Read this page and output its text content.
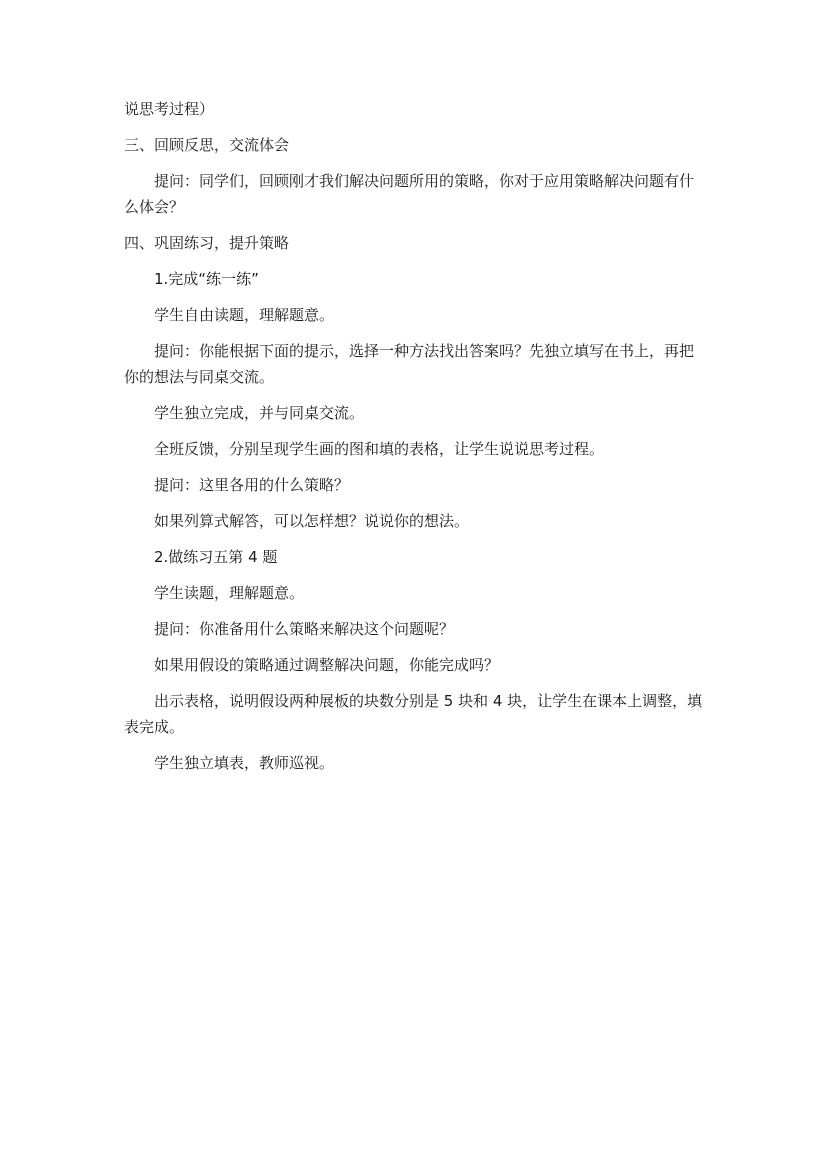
说思考过程）

三、回顾反思，交流体会

提问：同学们，回顾刚才我们解决问题所用的策略，你对于应用策略解决问题有什么体会？

四、巩固练习，提升策略

1.完成“练一练”

学生自由读题，理解题意。

提问：你能根据下面的提示，选择一种方法找出答案吗？先独立填写在书上，再把你的想法与同桌交流。

学生独立完成，并与同桌交流。

全班反馈，分别呈现学生画的图和填的表格，让学生说说思考过程。

提问：这里各用的什么策略？

如果列算式解答，可以怎样想？说说你的想法。

2.做练习五第 4 题

学生读题，理解题意。

提问：你准备用什么策略来解决这个问题呢？

如果用假设的策略通过调整解决问题，你能完成吗？

出示表格，说明假设两种展板的块数分别是 5 块和 4 块，让学生在课本上调整，填表完成。

学生独立填表，教师巡视。
